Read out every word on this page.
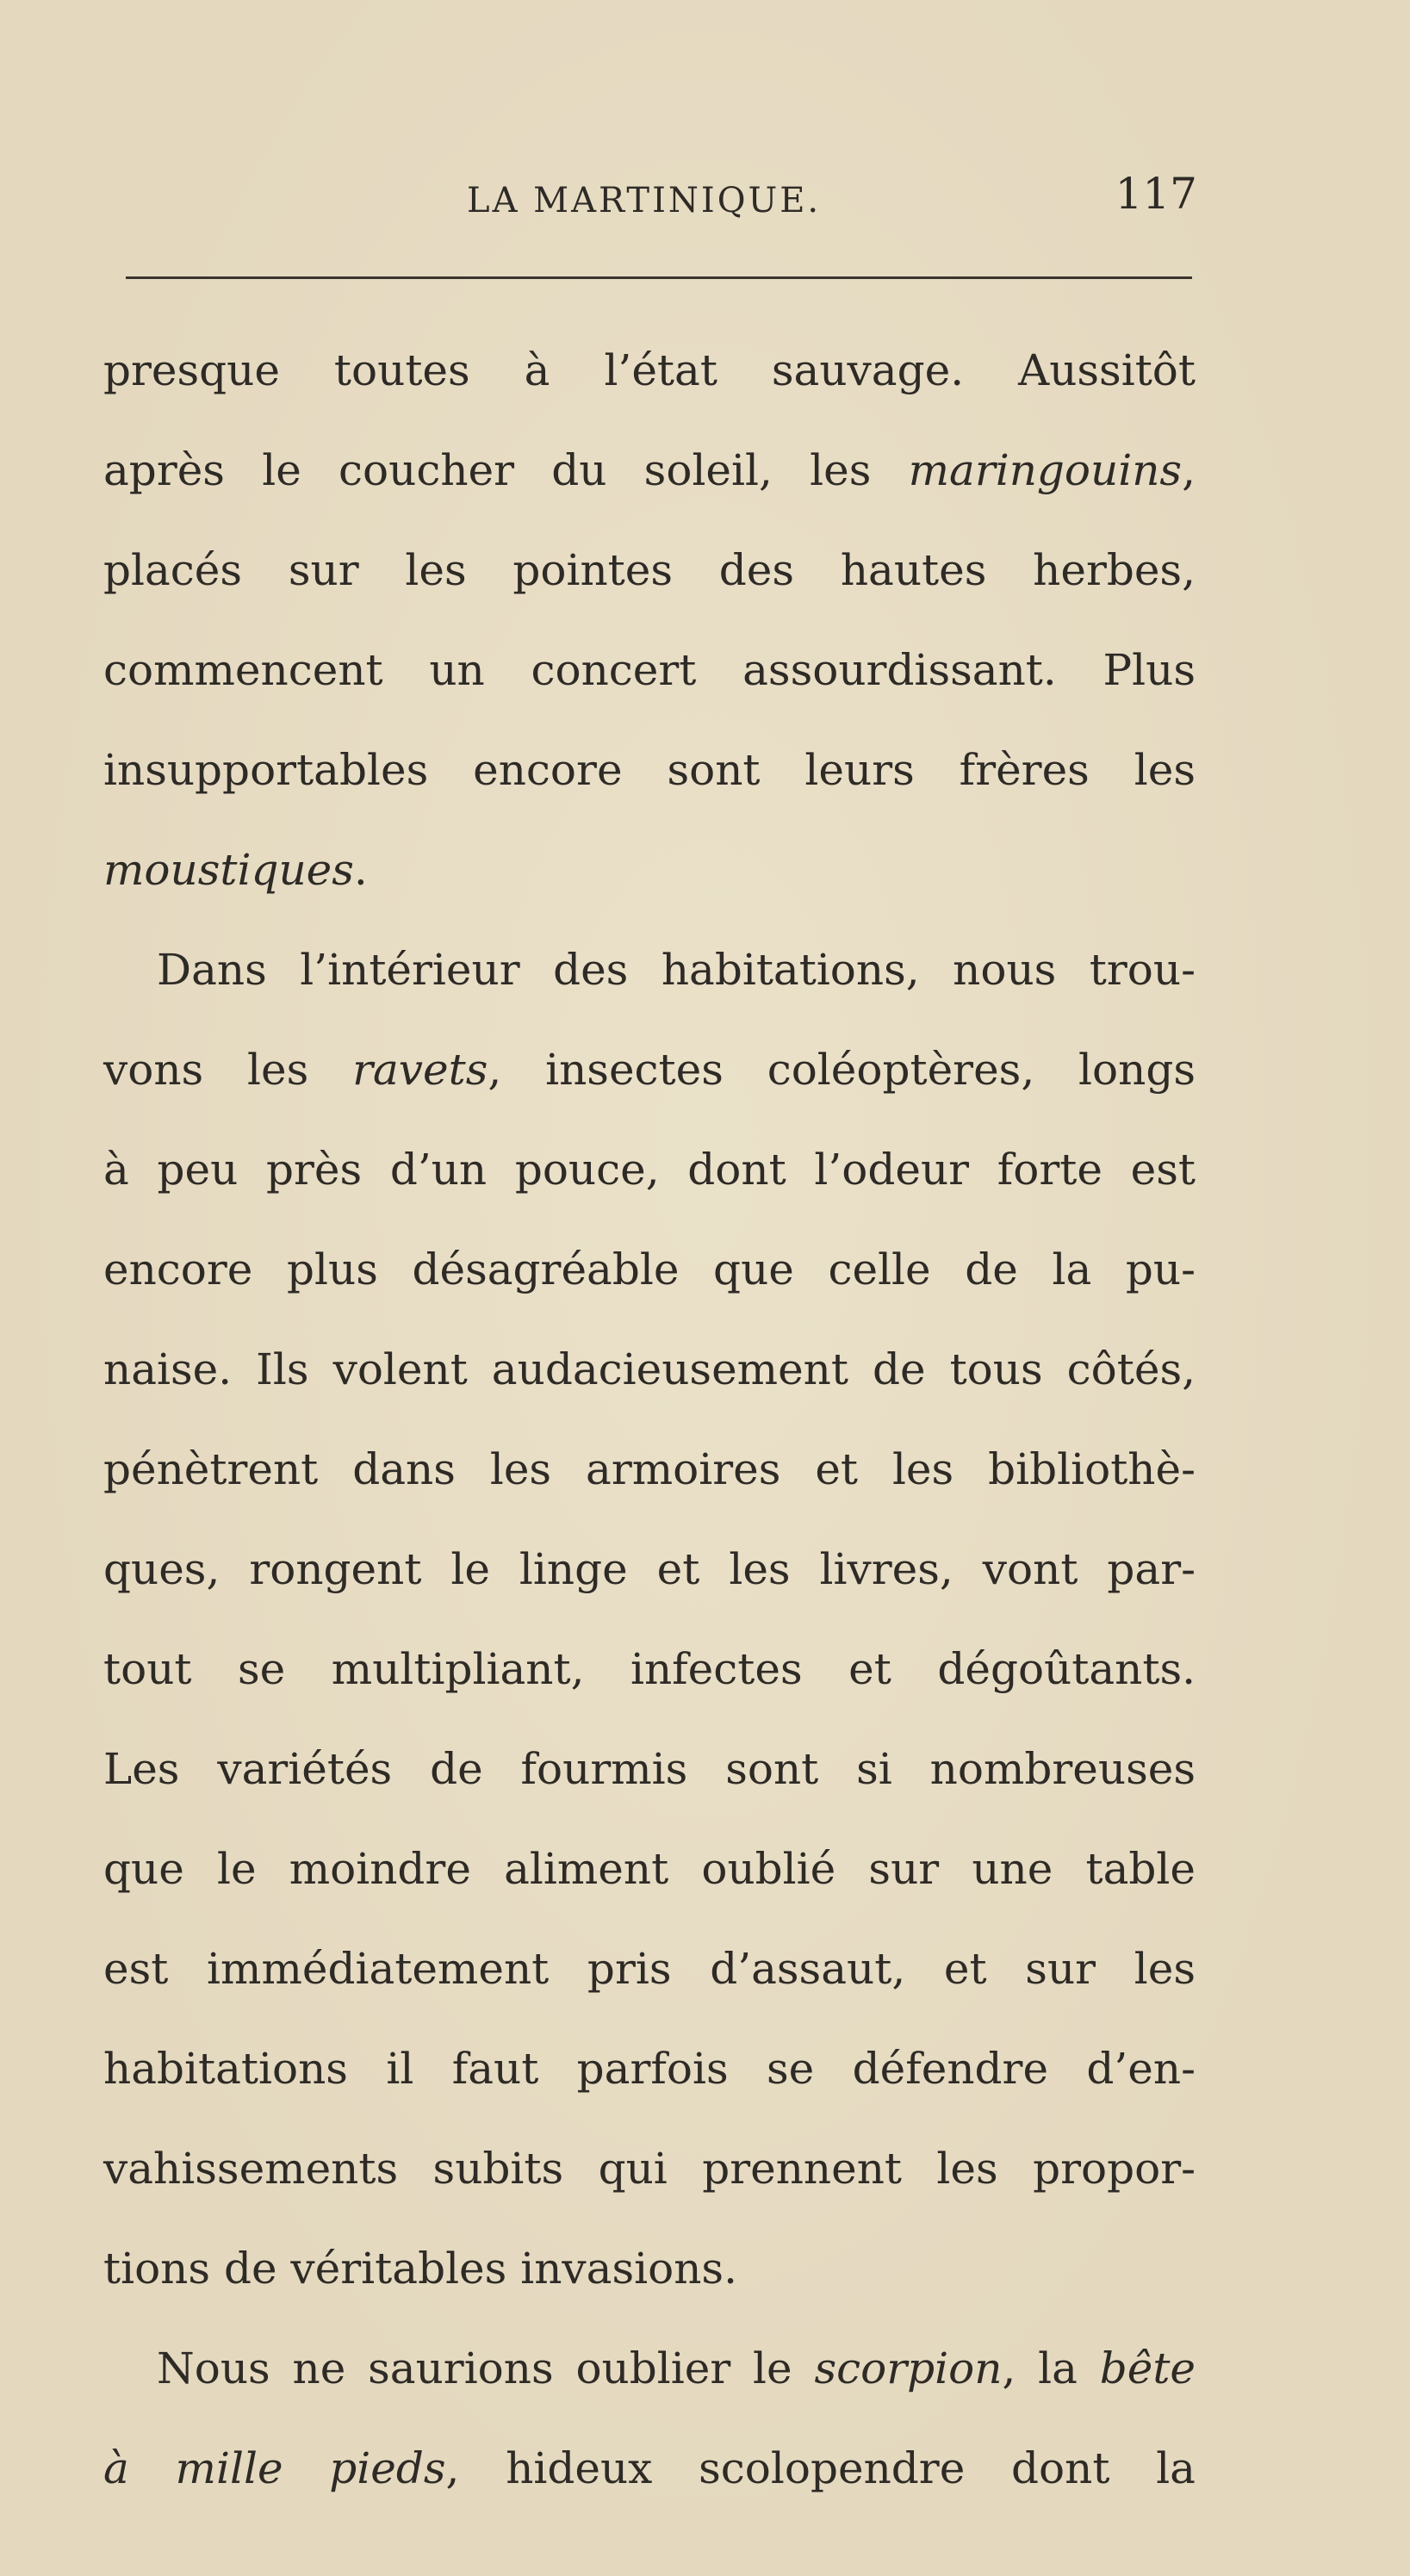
LA MARTINIQUE.	117
presque toutes à l’état sauvage. Aussitôt
après le coucher du soleil, les maringouins,
placés sur les pointes des hautes herbes,
commencent un concert assourdissant. Plus
insupportables encore sont leurs frères les
moustiques.
Dans l’intérieur des habitations, nous trou-
vons les ravets, insectes coléoptères, longs
à peu près d’un pouce, dont l’odeur forte est
encore plus désagréable que celle de la pu-
naise. Ils volent audacieusement de tous côtés,
pénètrent dans les armoires et les bibliothè-
ques, rongent le linge et les livres, vont par-
tout se multipliant, infectes et dégoûtants.
Les variétés de fourmis sont si nombreuses
que le moindre aliment oublié sur une table
est immédiatement pris d’assaut, et sur les
habitations il faut parfois se défendre d’en-
vahissements subits qui prennent les propor-
tions de véritables invasions.
Nous ne saurions oublier le scorpion, la bête
à mille pieds, hideux scolopendre dont la
